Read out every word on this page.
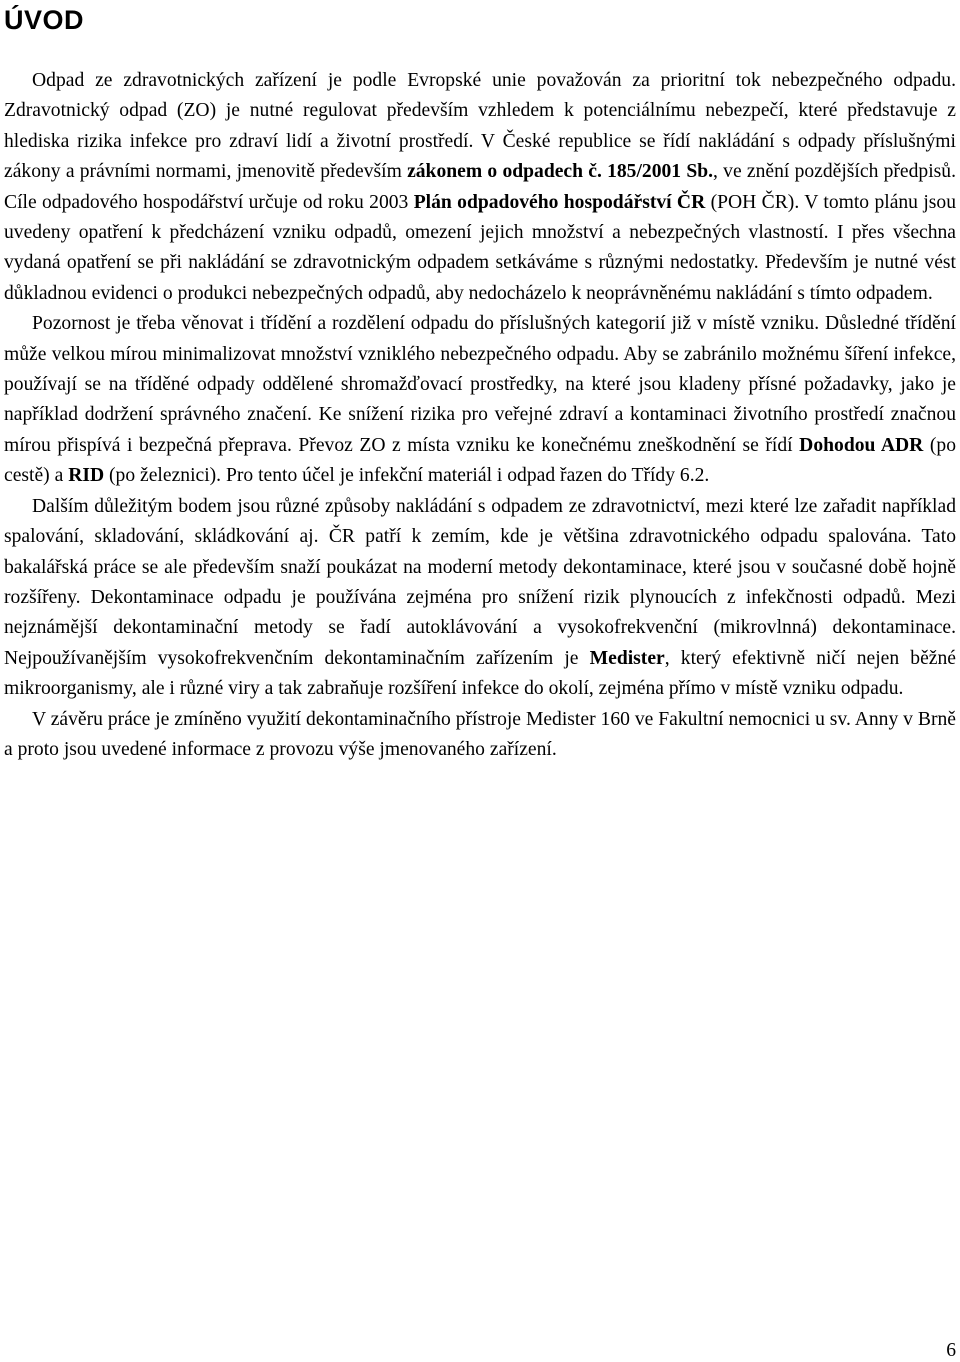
ÚVOD

Odpad ze zdravotnických zařízení je podle Evropské unie považován za prioritní tok nebezpečného odpadu. Zdravotnický odpad (ZO) je nutné regulovat především vzhledem k potenciálnímu nebezpečí, které představuje z hlediska rizika infekce pro zdraví lidí a životní prostředí. V České republice se řídí nakládání s odpady příslušnými zákony a právními normami, jmenovitě především zákonem o odpadech č. 185/2001 Sb., ve znění pozdějších předpisů. Cíle odpadového hospodářství určuje od roku 2003 Plán odpadového hospodářství ČR (POH ČR). V tomto plánu jsou uvedeny opatření k předcházení vzniku odpadů, omezení jejich množství a nebezpečných vlastností. I přes všechna vydaná opatření se při nakládání se zdravotnickým odpadem setkáváme s různými nedostatky. Především je nutné vést důkladnou evidenci o produkci nebezpečných odpadů, aby nedocházelo k neoprávněnému nakládání s tímto odpadem.

Pozornost je třeba věnovat i třídění a rozdělení odpadu do příslušných kategorií již v místě vzniku. Důsledné třídění může velkou mírou minimalizovat množství vzniklého nebezpečného odpadu. Aby se zabránilo možnému šíření infekce, používají se na tříděné odpady oddělené shromažďovací prostředky, na které jsou kladeny přísné požadavky, jako je například dodržení správného značení. Ke snížení rizika pro veřejné zdraví a kontaminaci životního prostředí značnou mírou přispívá i bezpečná přeprava. Převoz ZO z místa vzniku ke konečnému zneškodnění se řídí Dohodou ADR (po cestě) a RID (po železnici). Pro tento účel je infekční materiál i odpad řazen do Třídy 6.2.

Dalším důležitým bodem jsou různé způsoby nakládání s odpadem ze zdravotnictví, mezi které lze zařadit například spalování, skladování, skládkování aj. ČR patří k zemím, kde je většina zdravotnického odpadu spalována. Tato bakalářská práce se ale především snaží poukázat na moderní metody dekontaminace, které jsou v současné době hojně rozšířeny. Dekontaminace odpadu je používána zejména pro snížení rizik plynoucích z infekčnosti odpadů. Mezi nejznámější dekontaminační metody se řadí autoklávování a vysokofrekvenční (mikrovlnná) dekontaminace. Nejpoužívanějším vysokofrekvenčním dekontaminačním zařízením je Medister, který efektivně ničí nejen běžné mikroorganismy, ale i různé viry a tak zabraňuje rozšíření infekce do okolí, zejména přímo v místě vzniku odpadu.

V závěru práce je zmíněno využití dekontaminačního přístroje Medister 160 ve Fakultní nemocnici u sv. Anny v Brně a proto jsou uvedené informace z provozu výše jmenovaného zařízení.

6
